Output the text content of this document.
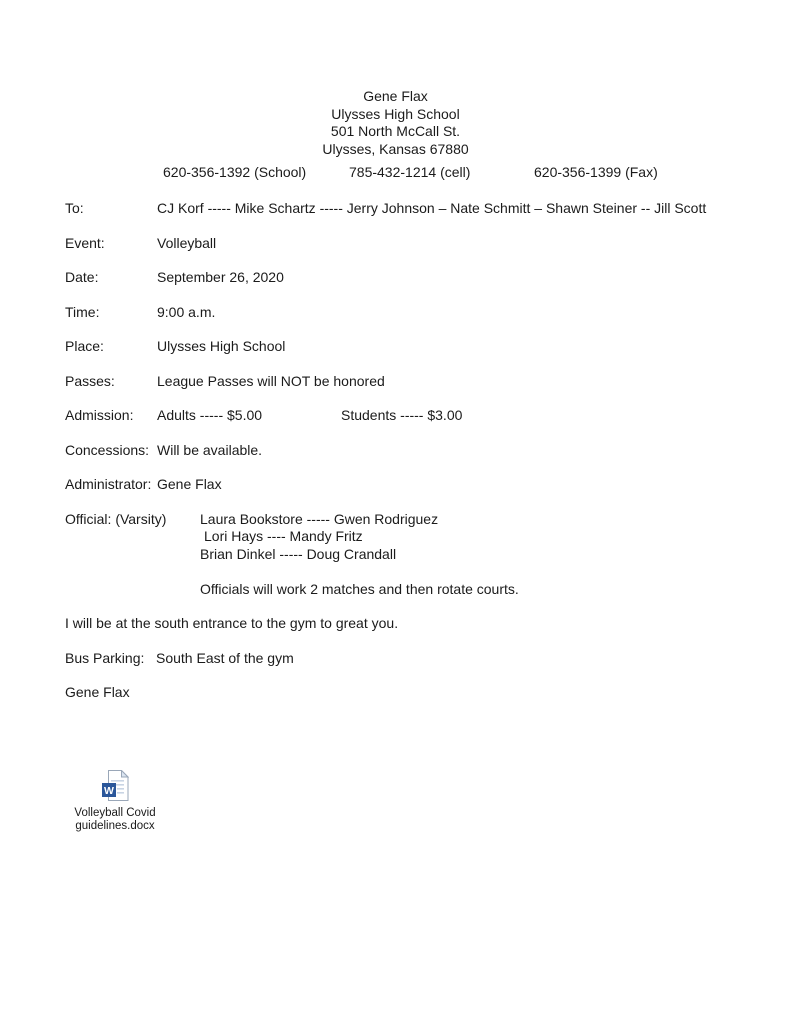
Gene Flax
Ulysses High School
501 North McCall St.
Ulysses, Kansas 67880
620-356-1392 (School)	785-432-1214 (cell)	620-356-1399 (Fax)
To:	CJ Korf ----- Mike Schartz ----- Jerry Johnson – Nate Schmitt – Shawn Steiner -- Jill Scott
Event:	Volleyball
Date:	September 26, 2020
Time:	9:00 a.m.
Place:	Ulysses High School
Passes:	League Passes will NOT be honored
Admission:	Adults ----- $5.00	Students ----- $3.00
Concessions: Will be available.
Administrator: Gene Flax
Official: (Varsity)	Laura Bookstore ----- Gwen Rodriguez
Lori Hays ---- Mandy Fritz
Brian Dinkel ----- Doug Crandall
Officials will work 2 matches and then rotate courts.
I will be at the south entrance to the gym to great you.
Bus Parking: South East of the gym
Gene Flax
W
Volleyball Covid
guidelines.docx
